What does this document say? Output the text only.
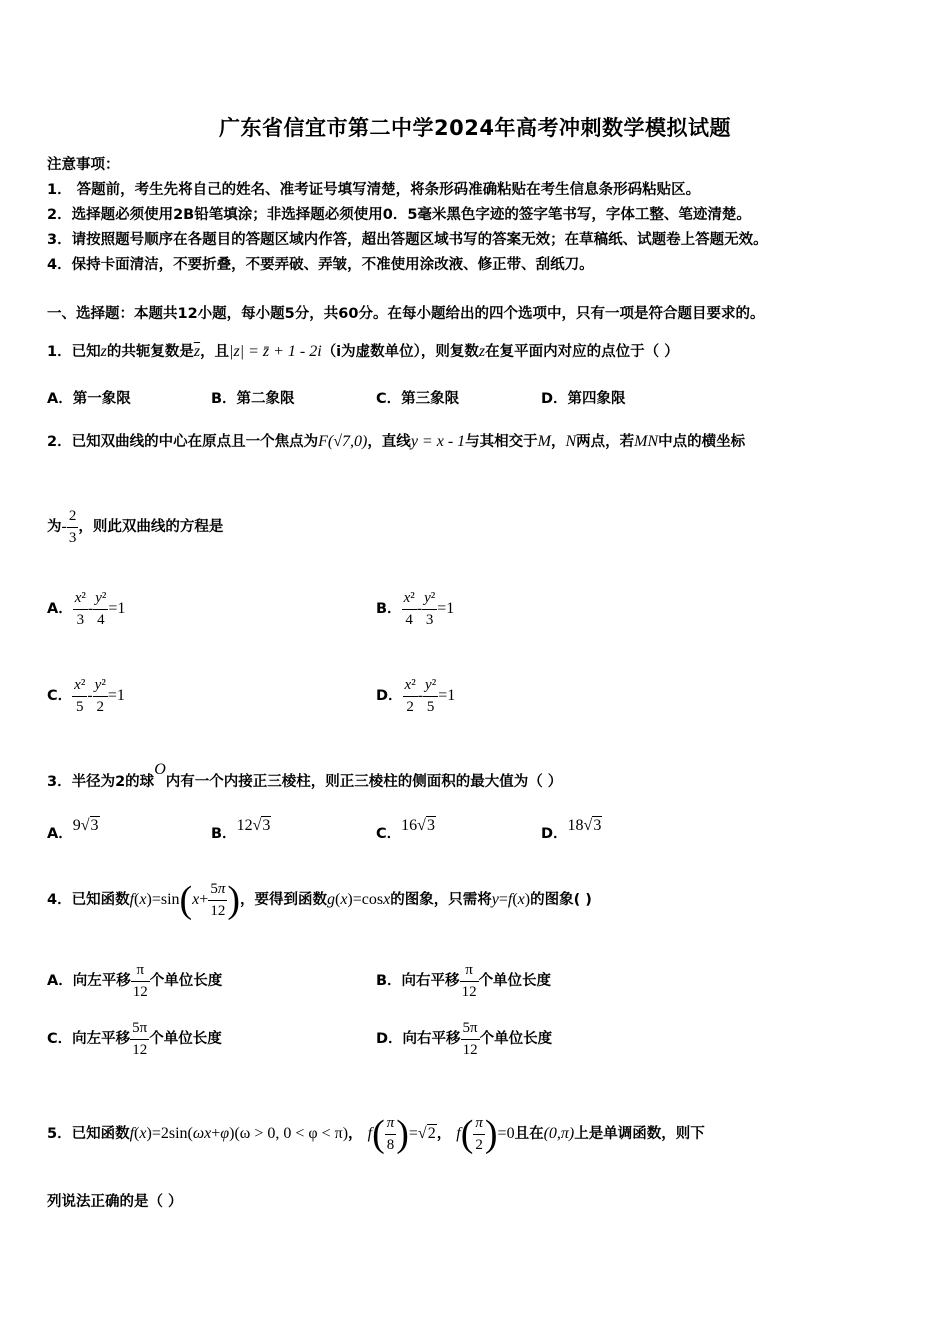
广东省信宜市第二中学2024年高考冲刺数学模拟试题
注意事项：
1． 答题前，考生先将自己的姓名、准考证号填写清楚，将条形码准确粘贴在考生信息条形码粘贴区。
2．选择题必须使用2B铅笔填涂；非选择题必须使用0．5毫米黑色字迹的签字笔书写，字体工整、笔迹清楚。
3．请按照题号顺序在各题目的答题区域内作答，超出答题区域书写的答案无效；在草稿纸、试题卷上答题无效。
4．保持卡面清洁，不要折叠，不要弄破、弄皱，不准使用涂改液、修正带、刮纸刀。
一、选择题：本题共12小题，每小题5分，共60分。在每小题给出的四个选项中，只有一项是符合题目要求的。
1．已知z的共轭复数是$\overline{z}$，且|z| = z̄ + 1 - 2i（i为虚数单位），则复数z在复平面内对应的点位于（ ）
A．第一象限	B．第二象限	C．第三象限	D．第四象限
2．已知双曲线的中心在原点且一个焦点为F(√7,0)，直线y = x - 1与其相交于M，N两点，若MN中点的横坐标
为- $\frac{2}{3}$ ，则此双曲线的方程是
A． $\frac{\text{x²}}{3} - \frac{\text{y²}}{4} =1$	B． $\frac{\text{x²}}{4} - \frac{\text{y²}}{3} =1$
C． $\frac{\text{x²}}{5} - \frac{\text{y²}}{2} =1$	D． $\frac{\text{x²}}{2} - \frac{\text{y²}}{5} =1$
3．半径为2的球O内有一个内接正三棱柱，则正三棱柱的侧面积的最大值为（ ）
A．9√3	B．12√3	C．16√3	D．18√3
4．已知函数$f(x)=\sin(x+ \frac{5\pi}{12}$ )，要得到函数g(x)=cosx的图象，只需将y=f(x)的图象( )
A．向左平移 $\frac{\pi}{12}$ 个单位长度	B．向右平移 $\frac{\pi}{12}$ 个单位长度
C．向左平移 $\frac{5\pi}{12}$ 个单位长度	D．向右平移 $\frac{5\pi}{12}$ 个单位长度
5．已知函数f(x)=2sin(ωx+φ)(ω > 0, 0 < φ < π)， $f( \frac{\pi}{8} )=√2$， $f( \frac{\pi}{2} )=0$且在(0,π)上是单调函数，则下
列说法正确的是（ ）
